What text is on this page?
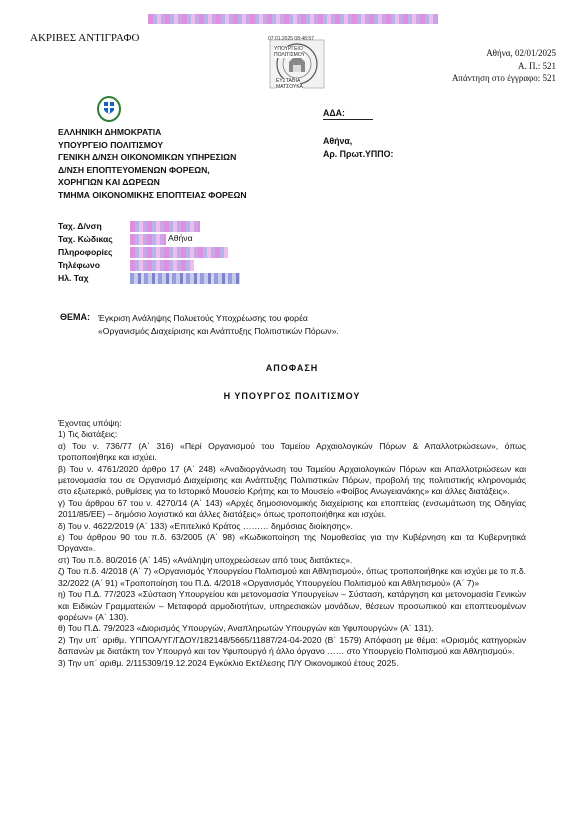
ΑΚΡΙΒΕΣ ΑΝΤΙΓΡΑΦΟ	07.01.2025 08:48:57
ΥΠΟΥΡΓΕΙΟ
ΠΟΛΙΤΙΣΜΟΥ
ΕΥΣΤΑΘΙΑ
ΜΑΤΣΟΥΚΑ
Αθήνα, 02/01/2025
Α. Π.: 521
Απάντηση στο έγγραφο: 521
ΕΛΛΗΝΙΚΗ ΔΗΜΟΚΡΑΤΙΑ
ΥΠΟΥΡΓΕΙΟ ΠΟΛΙΤΙΣΜΟΥ
ΓΕΝΙΚΗ Δ/ΝΣΗ ΟΙΚΟΝΟΜΙΚΩΝ ΥΠΗΡΕΣΙΩΝ
Δ/ΝΣΗ ΕΠΟΠΤΕΥΟΜΕΝΩΝ ΦΟΡΕΩΝ,
ΧΟΡΗΓΙΩΝ ΚΑΙ ΔΩΡΕΩΝ
ΤΜΗΜΑ ΟΙΚΟΝΟΜΙΚΗΣ ΕΠΟΠΤΕΙΑΣ ΦΟΡΕΩΝ
ΑΔΑ:
Αθήνα,
Αρ. Πρωτ.ΥΠΠΟ:
Ταχ. Δ/νση
Ταχ. Κώδικας
Πληροφορίες
Τηλέφωνο
Ηλ. Ταχ
Αθήνα
ΘΕΜΑ: Έγκριση Ανάληψης Πολυετούς Υποχρέωσης του φορέα
«Οργανισμός Διαχείρισης και Ανάπτυξης Πολιτιστικών Πόρων».
ΑΠΟΦΑΣΗ
Η ΥΠΟΥΡΓΟΣ ΠΟΛΙΤΙΣΜΟΥ
Έχοντας υπόψη:
1) Τις διατάξεις:
α) Του ν. 736/77 (Α΄ 316) «Περί Οργανισμού του Ταμείου Αρχαιολογικών Πόρων & Απαλλοτριώσεων», όπως τροποποιήθηκε και ισχύει.
β) Του ν. 4761/2020 άρθρο 17 (Α΄ 248) «Αναδιοργάνωση του Ταμείου Αρχαιολογικών Πόρων και Απαλλοτριώσεων και μετονομασία του σε Οργανισμό Διαχείρισης και Ανάπτυξης Πολιτιστικών Πόρων, προβολή της πολιτιστικής κληρονομιάς στο εξωτερικό, ρυθμίσεις για το Ιστορικό Μουσείο Κρήτης και το Μουσείο «Φοίβος Ανωγειανάκης» και άλλες διατάξεις».
γ) Του άρθρου 67 του ν. 4270/14 (Α΄ 143) «Αρχές δημοσιονομικής διαχείρισης και εποπτείας (ενσωμάτωση της Οδηγίας 2011/85/ΕΕ) – δημόσιο λογιστικό και άλλες διατάξεις» όπως τροποποιήθηκε και ισχύει.
δ) Του ν. 4622/2019 (Α΄ 133) «Επιτελικό Κράτος ……… δημόσιας διοίκησης».
ε) Του άρθρου 90 του π.δ. 63/2005 (Α΄ 98) «Κωδικοποίηση της Νομοθεσίας για την Κυβέρνηση και τα Κυβερνητικά Όργανα».
στ) Του π.δ. 80/2016 (Α΄ 145) «Ανάληψη υποχρεώσεων από τους διατάκτες».
ζ) Του π.δ. 4/2018 (Α΄ 7) «Οργανισμός Υπουργείου Πολιτισμού και Αθλητισμού», όπως τροποποιήθηκε και ισχύει με το π.δ. 32/2022 (Α΄ 91) «Τροποποίηση του Π.Δ. 4/2018 «Οργανισμός Υπουργείου Πολιτισμού και Αθλητισμού» (Α΄ 7)»
η) Του Π.Δ. 77/2023 «Σύσταση Υπουργείου και μετονομασία Υπουργείων – Σύσταση, κατάργηση και μετονομασία Γενικών και Ειδικών Γραμματειών – Μεταφορά αρμοδιοτήτων, υπηρεσιακών μονάδων, θέσεων προσωπικού και εποπτευομένων φορέων» (Α΄ 130).
θ) Του Π.Δ. 79/2023 «Διορισμός Υπουργών, Αναπληρωτών Υπουργών και Υφυπουργών» (Α΄ 131).
2) Την υπ΄ αριθμ. ΥΠΠΟΑ/ΥΓ/ΓΔΟΥ/182148/5665/11887/24-04-2020 (Β΄ 1579) Απόφαση με θέμα: «Ορισμός κατηγοριών δαπανών με διατάκτη τον Υπουργό και τον Υφυπουργό ή άλλο όργανο …… στο Υπουργείο Πολιτισμού και Αθλητισμού».
3) Την υπ΄ αριθμ. 2/115309/19.12.2024 Εγκύκλιο Εκτέλεσης Π/Υ Οικονομικού έτους 2025.
